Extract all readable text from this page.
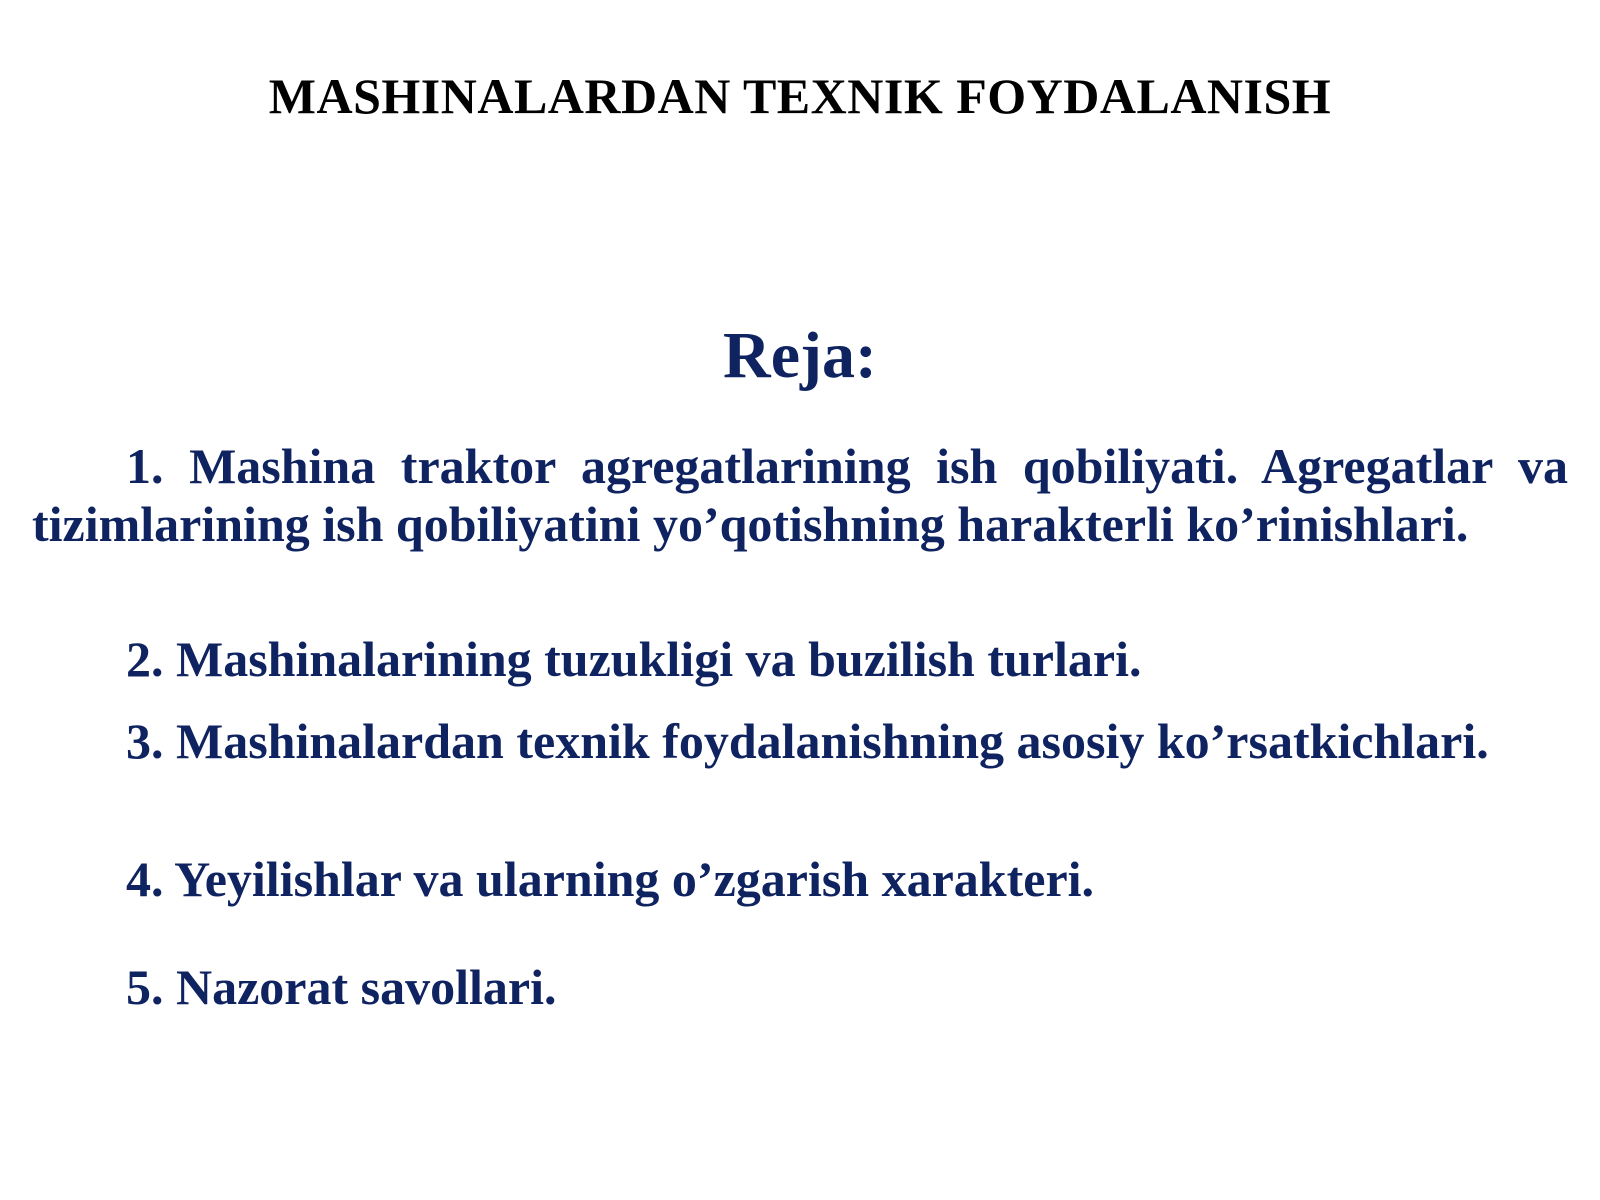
MASHINALARDAN TEXNIK FOYDALANISH
Reja:

1. Mashina traktor agregatlarining ish qobiliyati. Agregatlar va tizimlarining ish qobiliyatini yo’qotishning harakterli ko’rinishlari.

2. Mashinalarining tuzukligi va buzilish turlari.

3. Mashinalardan texnik foydalanishning asosiy ko’rsatkichlari.

4. Yeyilishlar va ularning o’zgarish xarakteri.

5. Nazorat savollari.
